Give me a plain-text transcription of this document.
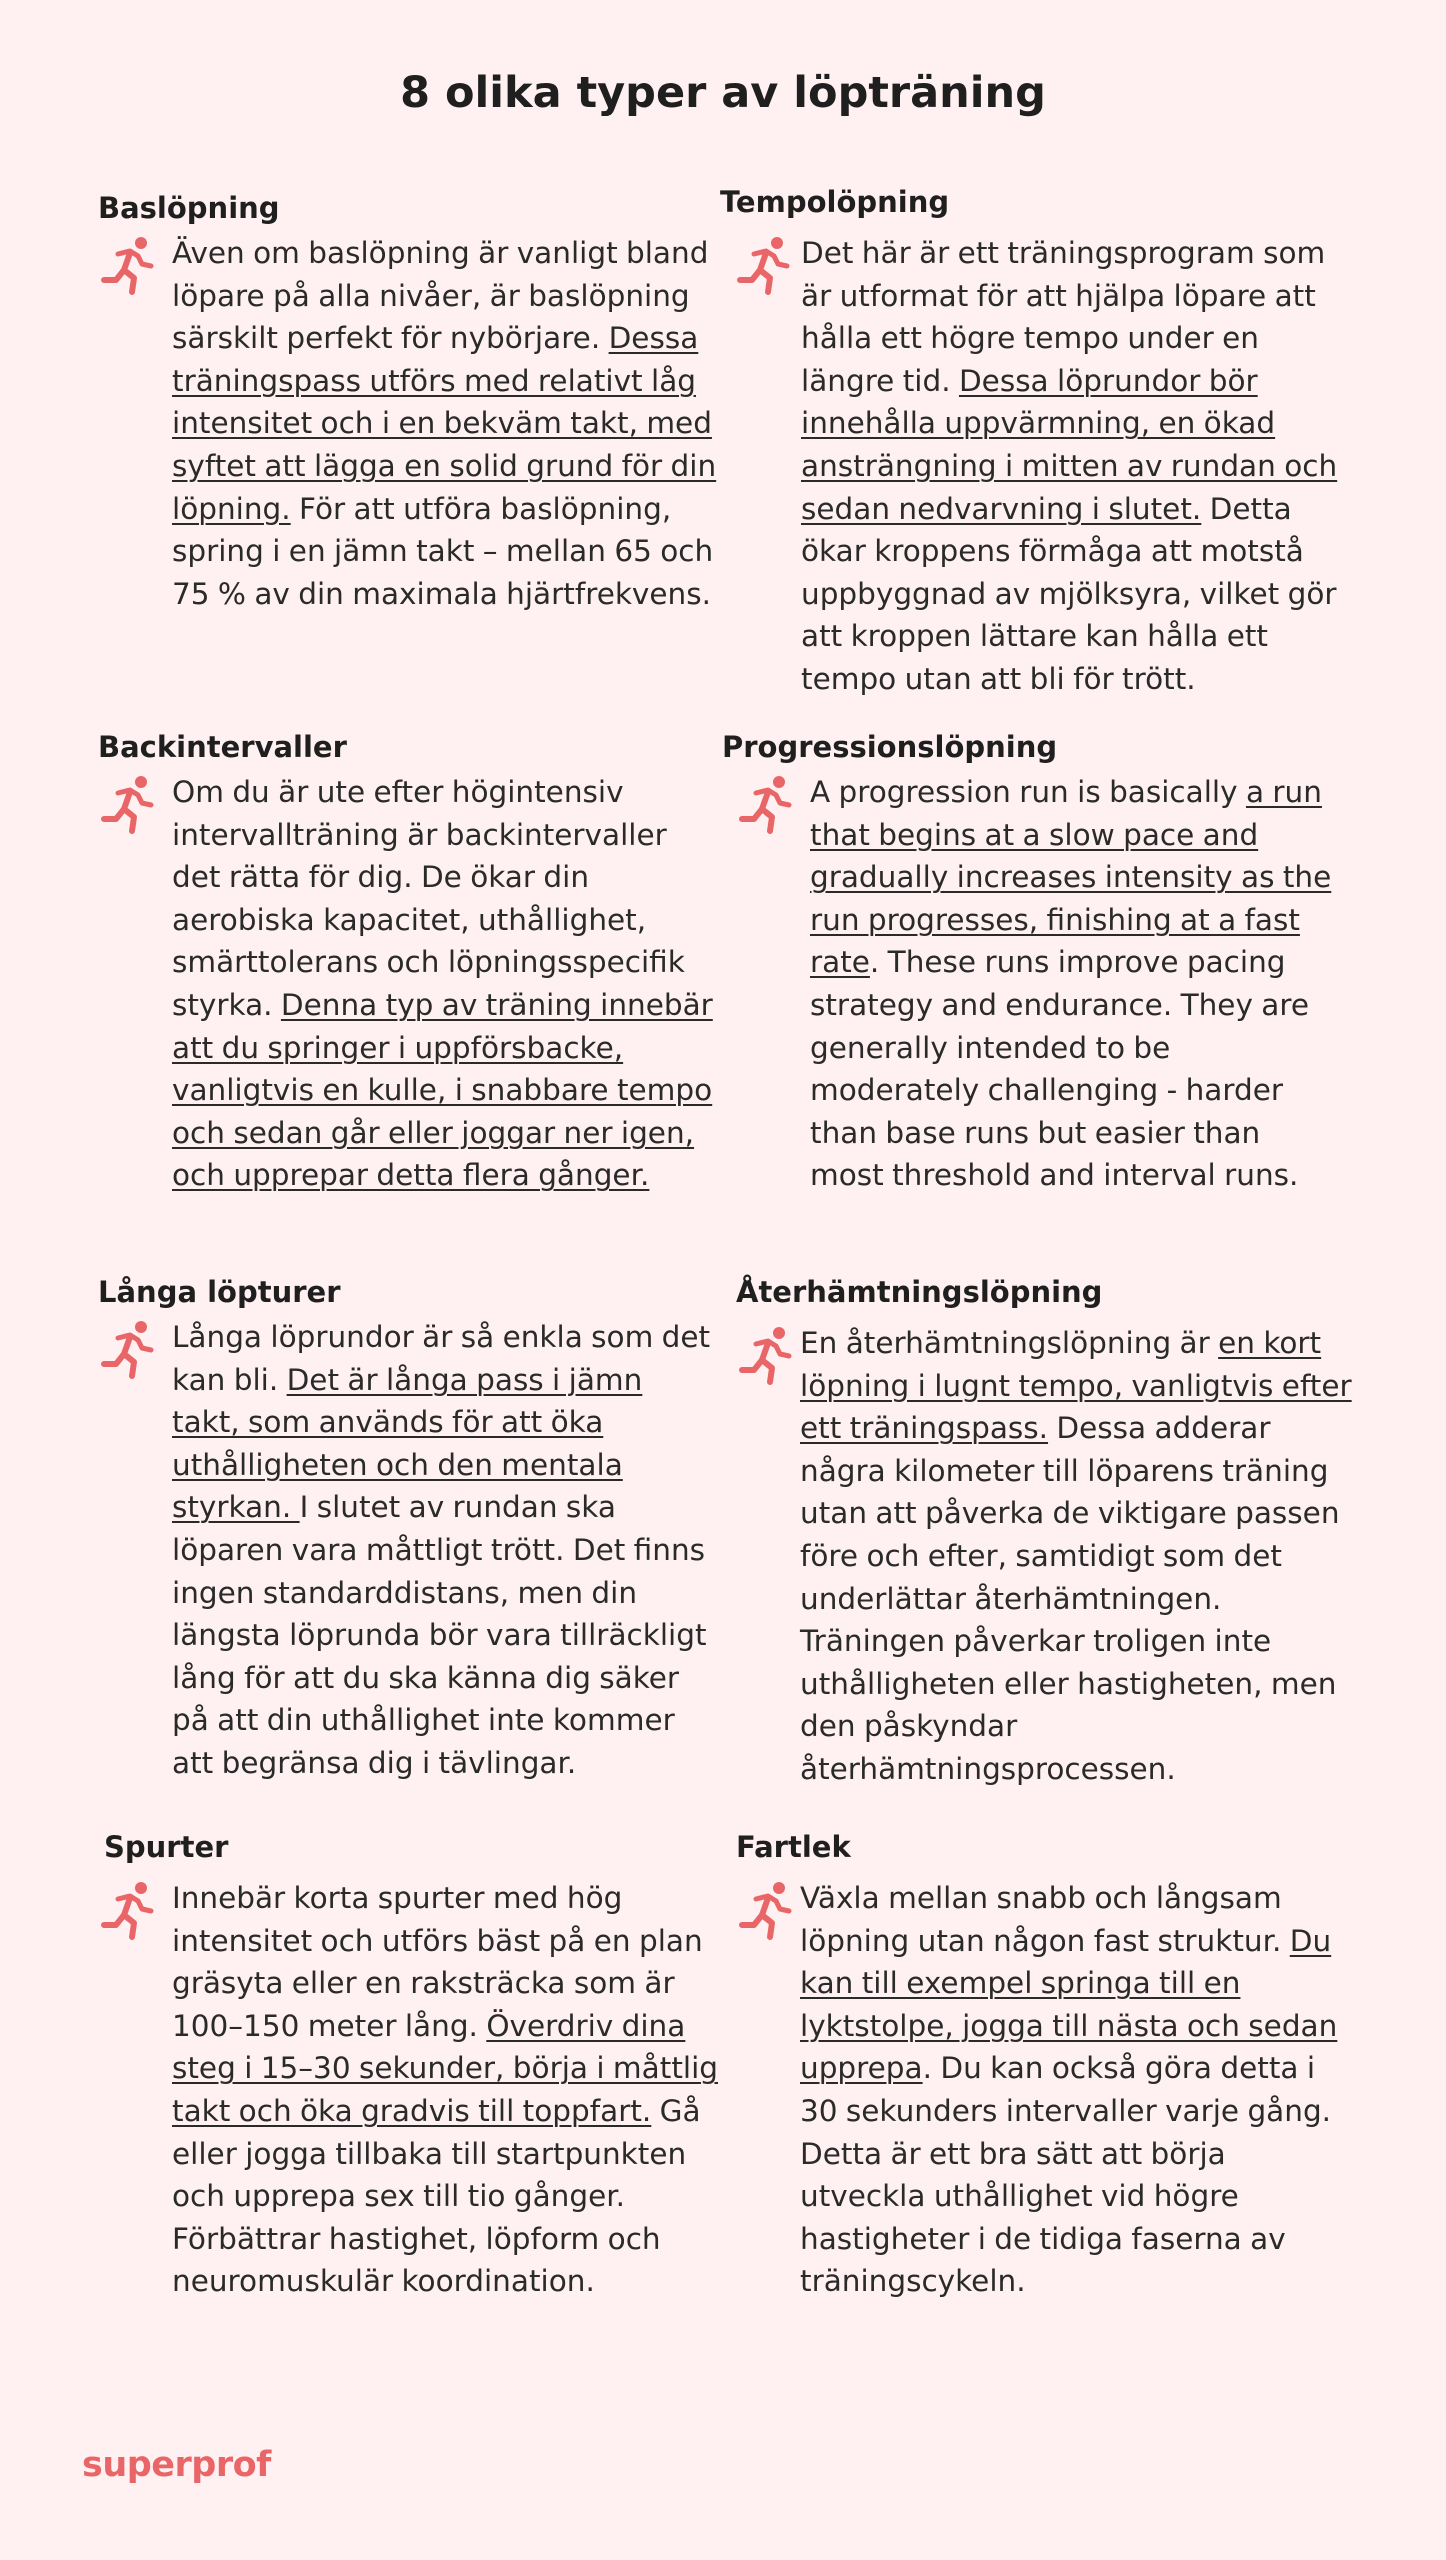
8 olika typer av löpträning
Baslöpning
Även om baslöpning är vanligt bland löpare på alla nivåer, är baslöpning särskilt perfekt för nybörjare. Dessa träningspass utförs med relativt låg intensitet och i en bekväm takt, med syftet att lägga en solid grund för din löpning. För att utföra baslöpning, spring i en jämn takt – mellan 65 och 75 % av din maximala hjärtfrekvens.
Tempolöpning
Det här är ett träningsprogram som är utformat för att hjälpa löpare att hålla ett högre tempo under en längre tid. Dessa löprundor bör innehålla uppvärmning, en ökad ansträngning i mitten av rundan och sedan nedvarvning i slutet. Detta ökar kroppens förmåga att motstå uppbyggnad av mjölksyra, vilket gör att kroppen lättare kan hålla ett tempo utan att bli för trött.
Backintervaller
Om du är ute efter högintensiv intervallträning är backintervaller det rätta för dig. De ökar din aerobiska kapacitet, uthållighet, smärttolerans och löpningsspecifik styrka. Denna typ av träning innebär att du springer i uppförsbacke, vanligtvis en kulle, i snabbare tempo och sedan går eller joggar ner igen, och upprepar detta flera gånger.
Progressionslöpning
A progression run is basically a run that begins at a slow pace and gradually increases intensity as the run progresses, finishing at a fast rate. These runs improve pacing strategy and endurance. They are generally intended to be moderately challenging - harder than base runs but easier than most threshold and interval runs.
Långa löpturer
Långa löprundor är så enkla som det kan bli. Det är långa pass i jämn takt, som används för att öka uthålligheten och den mentala styrkan. I slutet av rundan ska löparen vara måttligt trött. Det finns ingen standarddistans, men din längsta löprunda bör vara tillräckligt lång för att du ska känna dig säker på att din uthållighet inte kommer att begränsa dig i tävlingar.
Återhämtningslöpning
En återhämtningslöpning är en kort löpning i lugnt tempo, vanligtvis efter ett träningspass. Dessa adderar några kilometer till löparens träning utan att påverka de viktigare passen före och efter, samtidigt som det underlättar återhämtningen. Träningen påverkar troligen inte uthålligheten eller hastigheten, men den påskyndar återhämtningsprocessen.
Spurter
Innebär korta spurter med hög intensitet och utförs bäst på en plan gräsyta eller en raksträcka som är 100–150 meter lång. Överdriv dina steg i 15–30 sekunder, börja i måttlig takt och öka gradvis till toppfart. Gå eller jogga tillbaka till startpunkten och upprepa sex till tio gånger. Förbättrar hastighet, löpform och neuromuskulär koordination.
Fartlek
Växla mellan snabb och långsam löpning utan någon fast struktur. Du kan till exempel springa till en lyktstolpe, jogga till nästa och sedan upprepa. Du kan också göra detta i 30 sekunders intervaller varje gång. Detta är ett bra sätt att börja utveckla uthållighet vid högre hastigheter i de tidiga faserna av träningscykeln.
superprof
